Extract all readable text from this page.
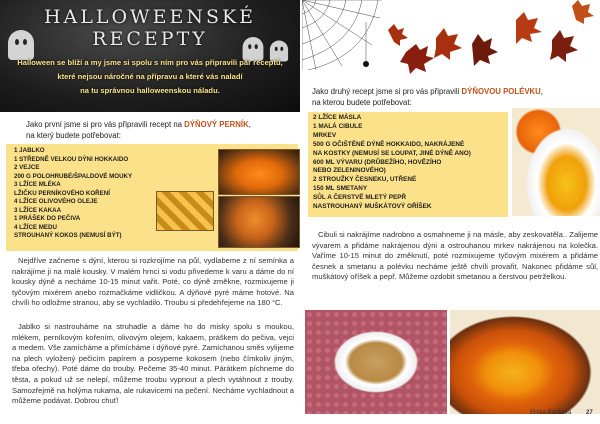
HALLOWEENSKÉ
RECEPTY
Halloween se blíží a my jsme si spolu s ním pro vás připravili pár receptů,
které nejsou náročné na přípravu a které vás naladí
na tu správnou halloweenskou náladu.
Jako první jsme si pro vás připravili recept na DÝŇOVÝ PERNÍK,
na který budete potřebovat:
1 JABLKO
1 STŘEDNĚ VELKOU DÝNI HOKKAIDO
2 VEJCE
200 G POLOHRUBÉ/ŠPALDOVÉ MOUKY
3 LŽÍCE MLÉKA
LŽIČKU PERNÍKOVÉHO KOŘENÍ
4 LŽÍCE OLIVOVÉHO OLEJE
3 LŽÍCE KAKAA
1 PRÁŠEK DO PEČIVA
4 LŽÍCE MEDU
STROUHANÝ KOKOS (NEMUSÍ BÝT)
Nejdříve začneme s dýní, kterou si rozkrojíme na půl, vydlabeme z ní semínka a nakrájíme ji na malé kousky. V malém hrnci si vodu přivedeme k varu a dáme do ní kousky dýně a necháme 10-15 minut vařit. Poté, co dýně změkne, rozmixujeme ji tyčovým mixérem anebo rozmačkáme vidličkou. A dýňové pyré máme hotové. Na chvíli ho odložme stranou, aby se vychladilo. Troubu si předehřejeme na 180 °C.
Jablko si nastrouháme na struhadle a dáme ho do misky spolu s moukou, mlékem, perníkovým kořením, olivovým olejem, kakaem, práškem do pečiva, vejci a medem. Vše zamícháme a přimícháme i dýňové pyré. Zamíchanou směs vylijeme na plech vyložený pečicím papírem a posypeme kokosem (nebo čímkoliv jiným, třeba ořechy). Poté dáme do trouby. Pečeme 35-40 minut. Párátkem píchneme do těsta, a pokud už se nelepí, můžeme troubu vypnout a plech vytáhnout z trouby. Samozřejmě na holýma rukama, ale rukavicemi na pečení. Necháme vychladnout a můžeme podávat. Dobrou chuť!
Jako druhý recept jsme si pro vás připravili DÝŇOVOU POLÉVKU,
na kterou budete potřebovat:
2 LŽÍCE MÁSLA
1 MALÁ CIBULE
MRKEV
500 G OČIŠTĚNÉ DÝNĚ HOKKAIDO, NAKRÁJENÉ
NA KOSTKY (NEMUSÍ SE LOUPAT, JINÉ DÝNĚ ANO)
600 ML VÝVARU (DRŮBEŽÍHO, HOVĚZÍHO
NEBO ZELENINOVÉHO)
2 STROUŽKY ČESNEKU, UTŘENÉ
150 ML SMETANY
SŮL A ČERSTVĚ MLETÝ PEPŘ
NASTROUHANÝ MUŠKÁTOVÝ OŘÍŠEK
Cibuli si nakrájíme nadrobno a osmahneme ji na másle, aby zeskovatěla.. Zalijeme vývarem a přidáme nakrájenou dýni a ostrouhanou mrkev nakrájenou na kolečka. Vaříme 10-15 minut do změknutí, poté rozmixujeme tyčovým mixérem a přidáme česnek a smetanu a polévku necháme ještě chvíli provařit. Nakonec přidáme sůl, muškátový oříšek a pepř. Můžeme ozdobit smetanou a čerstvou petrželkou.
Eliška Bártková 27
